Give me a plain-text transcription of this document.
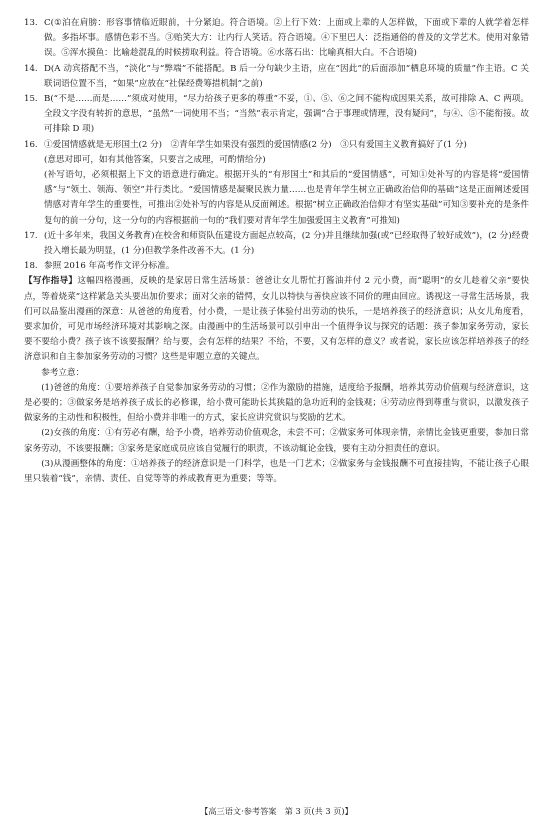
13. C(①泊在肩膀：形容事情临近眼前，十分紧迫。符合语境。②上行下效：上面或上辈的人怎样做，下面或下辈的人就学着怎样做。多指坏事。感情色彩不当。③贻笑大方：让内行人笑话。符合语境。④下里巴人：泛指通俗的普及的文学艺术。使用对象错误。⑤浑水摸鱼：比喻趁混乱的时候捞取利益。符合语境。⑥水落石出：比喻真相大白。不合语境)
14. D(A 动宾搭配不当，“淡化”与“弊端”不能搭配。B 后一分句缺少主语，应在“因此”的后面添加“栖息环境的质量”作主语。C 关联词语位置不当，“如果”应放在“社保经费筹措机制”之前)
15. B(“不是……而是……”须成对使用，“尽力给孩子更多的尊重”不妥，①、⑤、⑥之间不能构成因果关系，故可排除 A、C 两项。全段文字没有转折的意思，“虽然”一词使用不当；“当然”表示肯定，强调“合于事理或情理，没有疑问”，与④、⑤不能衔接。故可排除 D 项)
16. ①爱国情感就是无形国土(2 分)　②青年学生如果没有强烈的爱国情感(2 分)　③只有爱国主义教育搞好了(1 分)
(意思对即可，如有其他答案，只要言之成理，可酌情给分)
(补写语句，必须根据上下文的语意进行确定。根据开头的“有形国土”和其后的“爱国情感”，可知①处补写的内容是将“爱国情感”与“领土、领海、领空”并行类比。“爱国情感是凝聚民族力量……也是青年学生树立正确政治信仰的基础”这是正面阐述爱国情感对青年学生的重要性，可推出②处补写的内容是从反面阐述。根据“树立正确政治信仰才有坚实基础”可知③要补充的是条件复句的前一分句，这一分句的内容根据前一句的“我们要对青年学生加强爱国主义教育”可推知)
17. (近十多年来，我国义务教育)在校舍和师资队伍建设方面起点较高，(2 分)并且继续加强(或“已经取得了较好成效”)，(2 分)经费投入增长最为明显，(1 分)但教学条件改善不大。(1 分)
18. 参照 2016 年高考作文评分标准。
【写作指导】这幅四格漫画，反映的是家居日常生活场景：爸爸让女儿帮忙打酱油并付 2 元小费，而“聪明”的女儿趁着父亲“要快点，等着烧菜”这样紧急关头要出加价要求；面对父亲的错愕，女儿以特快与善快应该不同价的理由回应。诱视这一寻常生活场景，我们可以品鉴出漫画的深意：从爸爸的角度看，付小费，一是让孩子体验付出劳动的快乐，一是培养孩子的经济意识；从女儿角度看，要求加价，可见市场经济环境对其影响之深。由漫画中的生活场景可以引申出一个值得争议与探究的话题：孩子参加家务劳动，家长要不要给小费？孩子该不该要报酬？给与要，会有怎样的结果？不给，不要，又有怎样的意义？或者说，家长应该怎样培养孩子的经济意识和自主参加家务劳动的习惯？这些是审题立意的关键点。
参考立意：
(1)爸爸的角度：①要培养孩子自觉参加家务劳动的习惯；②作为激励的措施，适度给予报酬，培养其劳动价值观与经济意识，这是必要的；③做家务是培养孩子成长的必修课，给小费可能助长其狭隘的急功近利的金钱观；④劳动应得到尊重与赏识，以激发孩子做家务的主动性和积极性，但给小费并非唯一的方式，家长应讲究赏识与奖励的艺术。
(2)女孩的角度：①有劳必有酬，给予小费，培养劳动价值观念，未尝不可；②做家务可体现亲情，亲情比金钱更重要，参加日常家务劳动，不该要报酬；③家务是家庭成员应该自觉履行的职责，不该动辄论金钱，要有主动分担责任的意识。
(3)从漫画整体的角度：①培养孩子的经济意识是一门科学，也是一门艺术；②做家务与金钱报酬不可直接挂钩，不能让孩子心眼里只装着“钱”，亲情、责任、自觉等等的养成教育更为重要；等等。
【高三语文·参考答案　第 3 页(共 3 页)】
